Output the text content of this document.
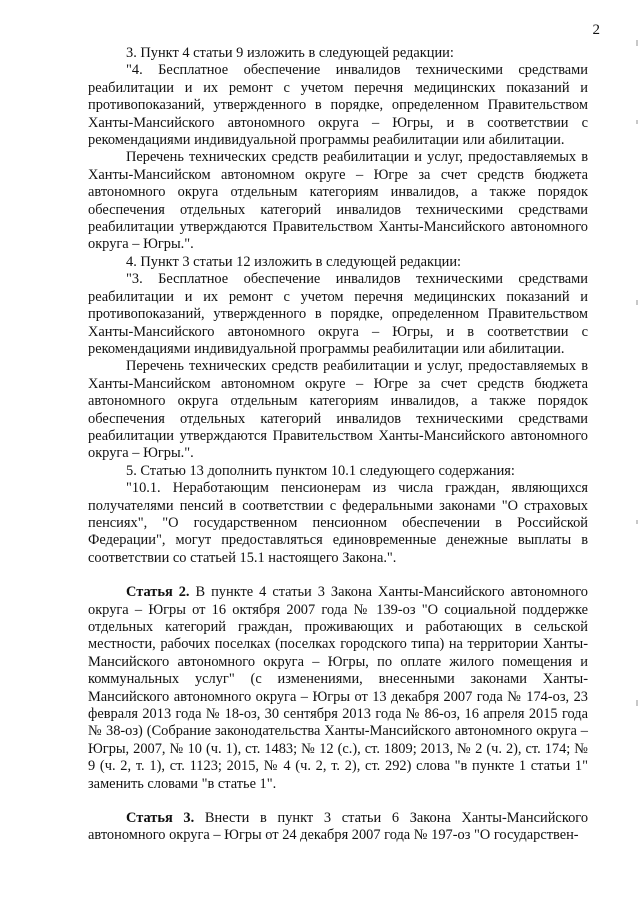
2

3. Пункт 4 статьи 9 изложить в следующей редакции:

"4. Бесплатное обеспечение инвалидов техническими средствами реабилитации и их ремонт с учетом перечня медицинских показаний и противопоказаний, утвержденного в порядке, определенном Правительством Ханты-Мансийского автономного округа – Югры, и в соответствии с рекомендациями индивидуальной программы реабилитации или абилитации.

Перечень технических средств реабилитации и услуг, предоставляемых в Ханты-Мансийском автономном округе – Югре за счет средств бюджета автономного округа отдельным категориям инвалидов, а также порядок обеспечения отдельных категорий инвалидов техническими средствами реабилитации утверждаются Правительством Ханты-Мансийского автономного округа – Югры.".

4. Пункт 3 статьи 12 изложить в следующей редакции:

"3. Бесплатное обеспечение инвалидов техническими средствами реабилитации и их ремонт с учетом перечня медицинских показаний и противопоказаний, утвержденного в порядке, определенном Правительством Ханты-Мансийского автономного округа – Югры, и в соответствии с рекомендациями индивидуальной программы реабилитации или абилитации.

Перечень технических средств реабилитации и услуг, предоставляемых в Ханты-Мансийском автономном округе – Югре за счет средств бюджета автономного округа отдельным категориям инвалидов, а также порядок обеспечения отдельных категорий инвалидов техническими средствами реабилитации утверждаются Правительством Ханты-Мансийского автономного округа – Югры.".

5. Статью 13 дополнить пунктом 10.1 следующего содержания:

"10.1. Неработающим пенсионерам из числа граждан, являющихся получателями пенсий в соответствии с федеральными законами "О страховых пенсиях", "О государственном пенсионном обеспечении в Российской Федерации", могут предоставляться единовременные денежные выплаты в соответствии со статьей 15.1 настоящего Закона.".

Статья 2. В пункте 4 статьи 3 Закона Ханты-Мансийского автономного округа – Югры от 16 октября 2007 года № 139-оз "О социальной поддержке отдельных категорий граждан, проживающих и работающих в сельской местности, рабочих поселках (поселках городского типа) на территории Ханты-Мансийского автономного округа – Югры, по оплате жилого помещения и коммунальных услуг" (с изменениями, внесенными законами Ханты-Мансийского автономного округа – Югры от 13 декабря 2007 года № 174-оз, 23 февраля 2013 года № 18-оз, 30 сентября 2013 года № 86-оз, 16 апреля 2015 года № 38-оз) (Собрание законодательства Ханты-Мансийского автономного округа – Югры, 2007, № 10 (ч. 1), ст. 1483; № 12 (с.), ст. 1809; 2013, № 2 (ч. 2), ст. 174; № 9 (ч. 2, т. 1), ст. 1123; 2015, № 4 (ч. 2, т. 2), ст. 292) слова "в пункте 1 статьи 1" заменить словами "в статье 1".

Статья 3. Внести в пункт 3 статьи 6 Закона Ханты-Мансийского автономного округа – Югры от 24 декабря 2007 года № 197-оз "О государствен-
